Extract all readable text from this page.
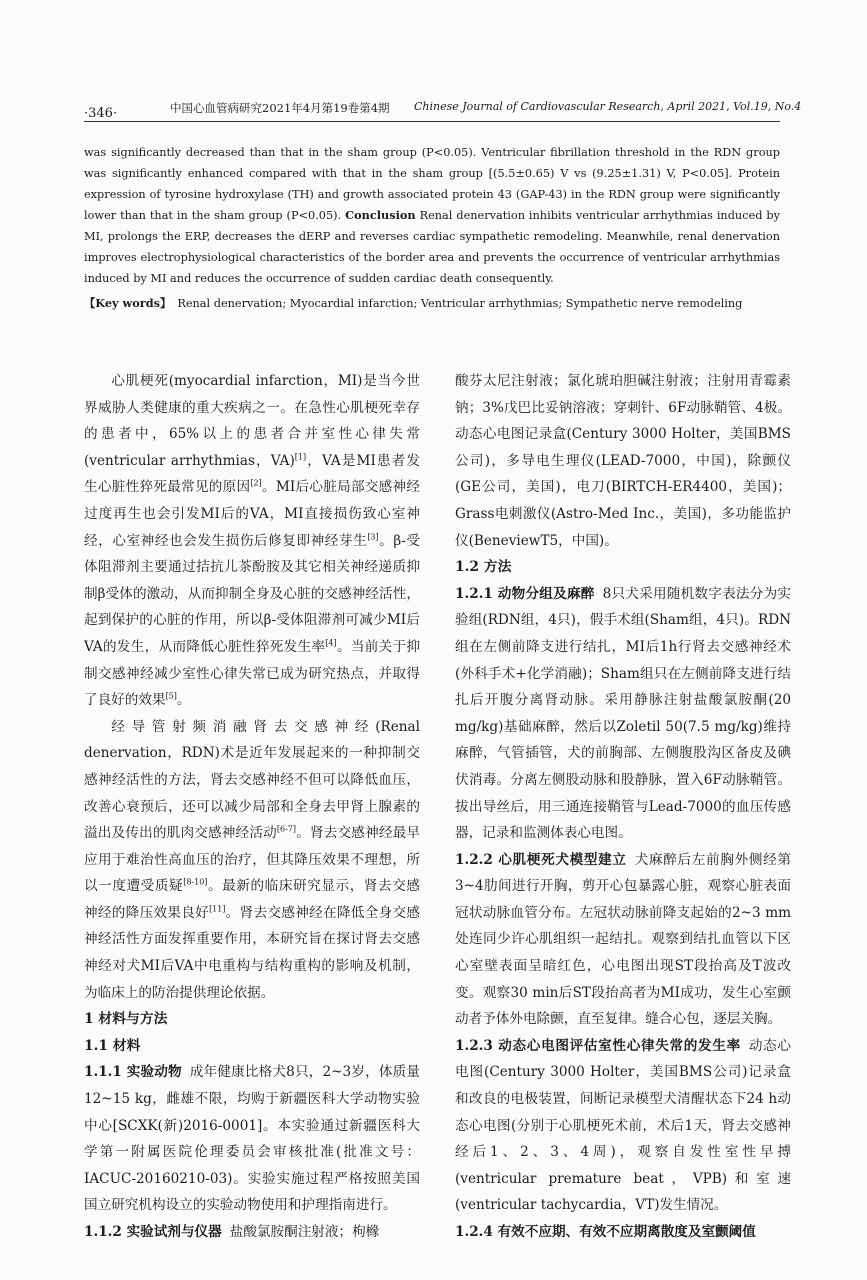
·346·	中国心血管病研究2021年4月第19卷第4期 Chinese Journal of Cardiovascular Research, April 2021, Vol.19, No.4

was significantly decreased than that in the sham group (P<0.05). Ventricular fibrillation threshold in the RDN group was significantly enhanced compared with that in the sham group [(5.5±0.65) V vs (9.25±1.31) V, P<0.05]. Protein expression of tyrosine hydroxylase (TH) and growth associated protein 43 (GAP-43) in the RDN group were significantly lower than that in the sham group (P<0.05). Conclusion Renal denervation inhibits ventricular arrhythmias induced by MI, prolongs the ERP, decreases the dERP and reverses cardiac sympathetic remodeling. Meanwhile, renal denervation improves electrophysiological characteristics of the border area and prevents the occurrence of ventricular arrhythmias induced by MI and reduces the occurrence of sudden cardiac death consequently.

【Key words】 Renal denervation; Myocardial infarction; Ventricular arrhythmias; Sympathetic nerve remodeling

心肌梗死(myocardial infarction，MI)是当今世界威胁人类健康的重大疾病之一。在急性心肌梗死幸存的患者中，65%以上的患者合并室性心律失常(ventricular arrhythmias，VA)[1]，VA是MI患者发生心脏性猝死最常见的原因[2]。MI后心脏局部交感神经过度再生也会引发MI后的VA，MI直接损伤致心室神经，心室神经也会发生损伤后修复即神经芽生[3]。β-受体阻滞剂主要通过拮抗儿茶酚胺及其它相关神经递质抑制β受体的激动，从而抑制全身及心脏的交感神经活性，起到保护的心脏的作用，所以β-受体阻滞剂可减少MI后VA的发生，从而降低心脏性猝死发生率[4]。当前关于抑制交感神经减少室性心律失常已成为研究热点，并取得了良好的效果[5]。

经导管射频消融肾去交感神经(Renal denervation，RDN)术是近年发展起来的一种抑制交感神经活性的方法，肾去交感神经不但可以降低血压，改善心衰预后，还可以减少局部和全身去甲肾上腺素的溢出及传出的肌肉交感神经活动[6-7]。肾去交感神经最早应用于难治性高血压的治疗，但其降压效果不理想，所以一度遭受质疑[8-10]。最新的临床研究显示，肾去交感神经的降压效果良好[11]。肾去交感神经在降低全身交感神经活性方面发挥重要作用，本研究旨在探讨肾去交感神经对犬MI后VA中电重构与结构重构的影响及机制，为临床上的防治提供理论依据。

1 材料与方法
1.1 材料

1.1.1 实验动物 成年健康比格犬8只，2~3岁，体质量12~15 kg，雌雄不限，均购于新疆医科大学动物实验中心[SCXK(新)2016-0001]。本实验通过新疆医科大学第一附属医院伦理委员会审核批准(批准文号：IACUC-20160210-03)。实验实施过程严格按照美国国立研究机构设立的实验动物使用和护理指南进行。

1.1.2 实验试剂与仪器 盐酸氯胺酮注射液；枸橼

酸芬太尼注射液；氯化琥珀胆碱注射液；注射用青霉素钠；3%戊巴比妥钠溶液；穿刺针、6F动脉鞘管、4极。动态心电图记录盒(Century 3000 Holter，美国BMS公司)，多导电生理仪(LEAD-7000，中国)，除颤仪(GE公司，美国)，电刀(BIRTCH-ER4400，美国)；Grass电刺激仪(Astro-Med Inc.，美国)，多功能监护仪(BeneviewT5，中国)。

1.2 方法

1.2.1 动物分组及麻醉 8只犬采用随机数字表法分为实验组(RDN组，4只)，假手术组(Sham组，4只)。RDN组在左侧前降支进行结扎，MI后1h行肾去交感神经术(外科手术+化学消融)；Sham组只在左侧前降支进行结扎后开腹分离肾动脉。采用静脉注射盐酸氯胺酮(20 mg/kg)基础麻醉，然后以Zoletil 50(7.5 mg/kg)维持麻醉，气管插管，犬的前胸部、左侧腹股沟区备皮及碘伏消毒。分离左侧股动脉和股静脉，置入6F动脉鞘管。拔出导丝后，用三通连接鞘管与Lead-7000的血压传感器，记录和监测体表心电图。

1.2.2 心肌梗死犬模型建立 犬麻醉后左前胸外侧经第3~4肋间进行开胸，剪开心包暴露心脏，观察心脏表面冠状动脉血管分布。左冠状动脉前降支起始的2~3 mm处连同少许心肌组织一起结扎。观察到结扎血管以下区心室壁表面呈暗红色，心电图出现ST段抬高及T波改变。观察30 min后ST段抬高者为MI成功，发生心室颤动者予体外电除颤，直至复律。缝合心包，逐层关胸。

1.2.3 动态心电图评估室性心律失常的发生率 动态心电图(Century 3000 Holter，美国BMS公司)记录盒和改良的电极装置，间断记录模型犬清醒状态下24 h动态心电图(分别于心肌梗死术前，术后1天，肾去交感神经后1、2、3、4周)，观察自发性室性早搏(ventricular premature beat，VPB)和室速(ventricular tachycardia，VT)发生情况。

1.2.4 有效不应期、有效不应期离散度及室颤阈值
